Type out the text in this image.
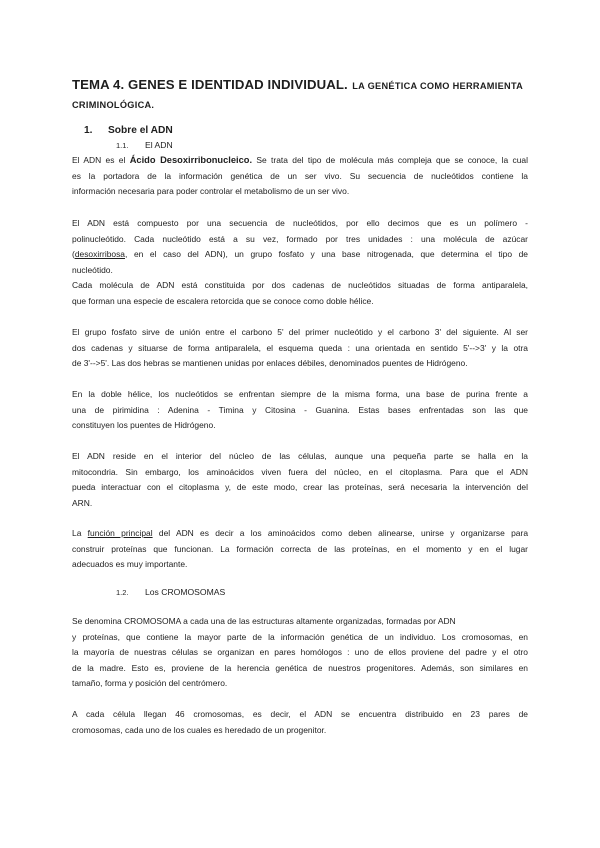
TEMA 4. GENES E IDENTIDAD INDIVIDUAL. LA GENÉTICA COMO HERRAMIENTA
CRIMINOLÓGICA.
1. Sobre el ADN
1.1. El ADN
El ADN es el Ácido Desoxirribonucleico. Se trata del tipo de molécula más compleja que se conoce, la cual
es la portadora de la información genética de un ser vivo. Su secuencia de nucleótidos contiene la
información necesaria para poder controlar el metabolismo de un ser vivo.
El ADN está compuesto por una secuencia de nucleótidos, por ello decimos que es un polímero -
polinucleótido. Cada nucleótido está a su vez, formado por tres unidades : una molécula de azúcar
(desoxirribosa, en el caso del ADN), un grupo fosfato y una base nitrogenada, que determina el tipo de
nucleótido.
Cada molécula de ADN está constituida por dos cadenas de nucleótidos situadas de forma antiparalela,
que forman una especie de escalera retorcida que se conoce como doble hélice.
El grupo fosfato sirve de unión entre el carbono 5' del primer nucleótido y el carbono 3' del siguiente. Al ser
dos cadenas y situarse de forma antiparalela, el esquema queda : una orientada en sentido 5'-->3' y la otra
de 3'-->5'. Las dos hebras se mantienen unidas por enlaces débiles, denominados puentes de Hidrógeno.
En la doble hélice, los nucleótidos se enfrentan siempre de la misma forma, una base de purina frente a
una de pirimidina : Adenina - Timina y Citosina - Guanina. Estas bases enfrentadas son las que
constituyen los puentes de Hidrógeno.
El ADN reside en el interior del núcleo de las células, aunque una pequeña parte se halla en la
mitocondria. Sin embargo, los aminoácidos viven fuera del núcleo, en el citoplasma. Para que el ADN
pueda interactuar con el citoplasma y, de este modo, crear las proteínas, será necesaria la intervención del
ARN.
La función principal del ADN es decir a los aminoácidos como deben alinearse, unirse y organizarse para
construir proteínas que funcionan. La formación correcta de las proteínas, en el momento y en el lugar
adecuados es muy importante.
1.2. Los CROMOSOMAS
Se denomina CROMOSOMA a cada una de las estructuras altamente organizadas, formadas por ADN
y proteínas, que contiene la mayor parte de la información genética de un individuo. Los cromosomas, en
la mayoría de nuestras células se organizan en pares homólogos : uno de ellos proviene del padre y el otro
de la madre. Esto es, proviene de la herencia genética de nuestros progenitores. Además, son similares en
tamaño, forma y posición del centrómero.
A cada célula llegan 46 cromosomas, es decir, el ADN se encuentra distribuido en 23 pares de
cromosomas, cada uno de los cuales es heredado de un progenitor.
